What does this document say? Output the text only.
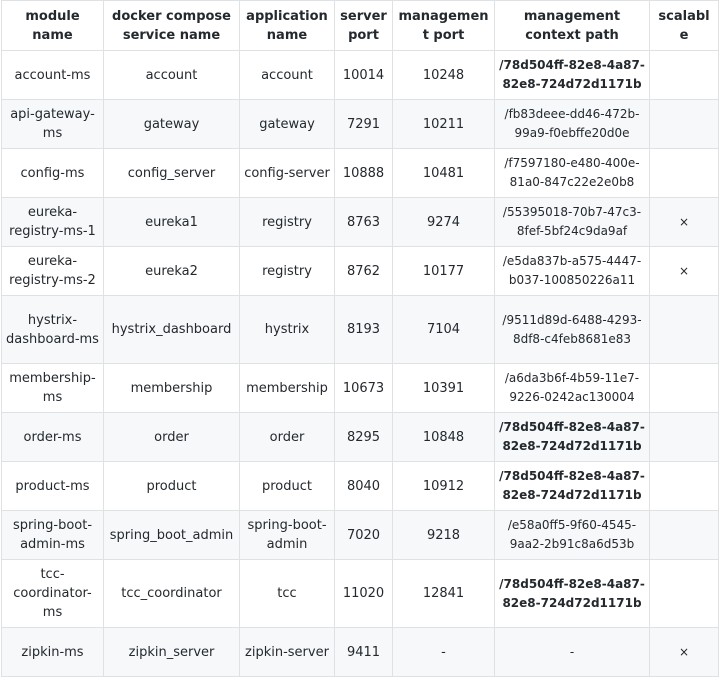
module name	docker compose service name	application name	server port	management port	management context path	scalable
account-ms	account	account	10014	10248	/78d504ff-82e8-4a87-82e8-724d72d1171b	
api-gateway-ms	gateway	gateway	7291	10211	/fb83deee-dd46-472b-99a9-f0ebffe20d0e	
config-ms	config_server	config-server	10888	10481	/f7597180-e480-400e-81a0-847c22e2e0b8	
eureka-registry-ms-1	eureka1	registry	8763	9274	/55395018-70b7-47c3-8fef-5bf24c9da9af	×
eureka-registry-ms-2	eureka2	registry	8762	10177	/e5da837b-a575-4447-b037-100850226a11	×
hystrix-dashboard-ms	hystrix_dashboard	hystrix	8193	7104	/9511d89d-6488-4293-8df8-c4feb8681e83	
membership-ms	membership	membership	10673	10391	/a6da3b6f-4b59-11e7-9226-0242ac130004	
order-ms	order	order	8295	10848	/78d504ff-82e8-4a87-82e8-724d72d1171b	
product-ms	product	product	8040	10912	/78d504ff-82e8-4a87-82e8-724d72d1171b	
spring-boot-admin-ms	spring_boot_admin	spring-boot-admin	7020	9218	/e58a0ff5-9f60-4545-9aa2-2b91c8a6d53b	
tcc-coordinator-ms	tcc_coordinator	tcc	11020	12841	/78d504ff-82e8-4a87-82e8-724d72d1171b	
zipkin-ms	zipkin_server	zipkin-server	9411	-	-	×
